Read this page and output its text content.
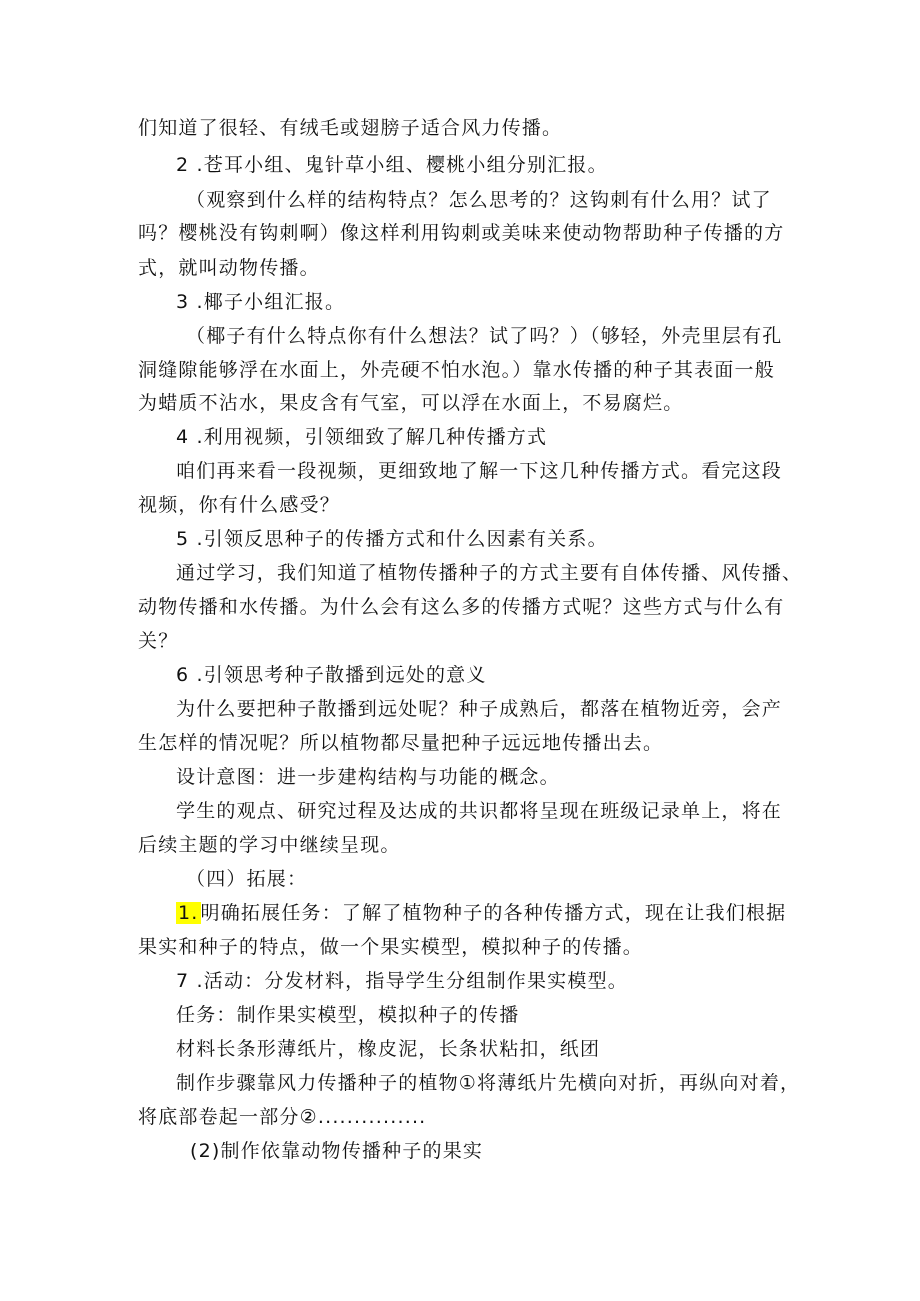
们知道了很轻、有绒毛或翅膀子适合风力传播。
2 .苍耳小组、鬼针草小组、樱桃小组分别汇报。
（观察到什么样的结构特点？怎么思考的？这钩刺有什么用？试了
吗？樱桃没有钩刺啊）像这样利用钩刺或美味来使动物帮助种子传播的方
式，就叫动物传播。
3 .椰子小组汇报。
（椰子有什么特点你有什么想法？试了吗？）（够轻，外壳里层有孔
洞缝隙能够浮在水面上，外壳硬不怕水泡。）靠水传播的种子其表面一般
为蜡质不沾水，果皮含有气室，可以浮在水面上，不易腐烂。
4 .利用视频，引领细致了解几种传播方式
咱们再来看一段视频，更细致地了解一下这几种传播方式。看完这段
视频，你有什么感受？
5 .引领反思种子的传播方式和什么因素有关系。
通过学习，我们知道了植物传播种子的方式主要有自体传播、风传播、
动物传播和水传播。为什么会有这么多的传播方式呢？这些方式与什么有
关？
6 .引领思考种子散播到远处的意义
为什么要把种子散播到远处呢？种子成熟后，都落在植物近旁，会产
生怎样的情况呢？所以植物都尽量把种子远远地传播出去。
设计意图：进一步建构结构与功能的概念。
学生的观点、研究过程及达成的共识都将呈现在班级记录单上，将在
后续主题的学习中继续呈现。
（四）拓展：
1. 明确拓展任务：了解了植物种子的各种传播方式，现在让我们根据
果实和种子的特点，做一个果实模型，模拟种子的传播。
7 .活动：分发材料，指导学生分组制作果实模型。
任务：制作果实模型，模拟种子的传播
材料长条形薄纸片，橡皮泥，长条状粘扣，纸团
制作步骤靠风力传播种子的植物①将薄纸片先横向对折，再纵向对着，
将底部卷起一部分②...............
(2)制作依靠动物传播种子的果实
